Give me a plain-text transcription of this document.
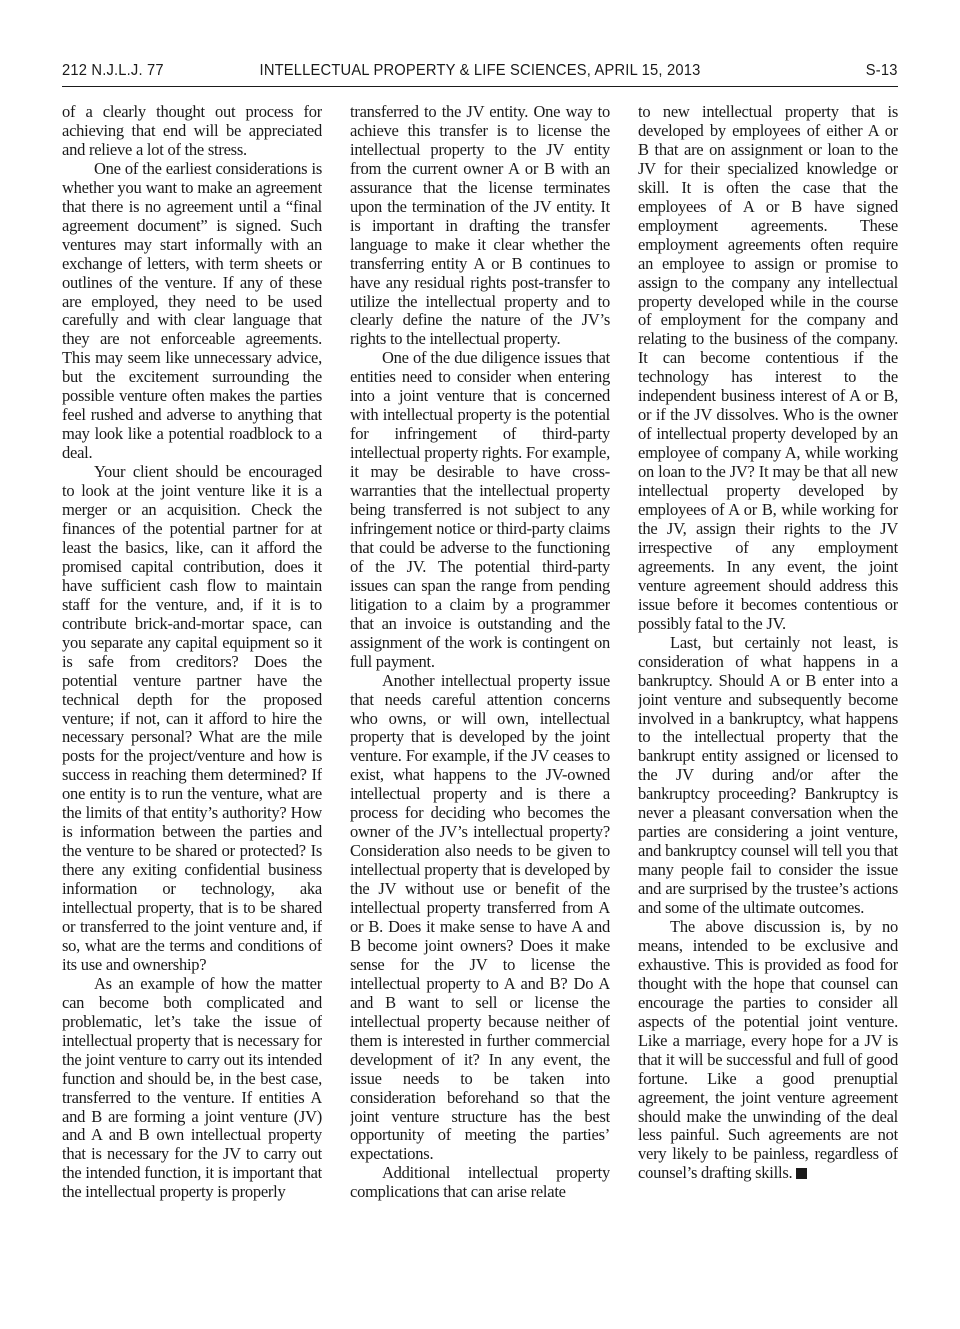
212 N.J.L.J. 77	INTELLECTUAL PROPERTY & LIFE SCIENCES, APRIL 15, 2013	S-13

of a clearly thought out process for achieving that end will be appreciated and relieve a lot of the stress.

One of the earliest considerations is whether you want to make an agreement that there is no agreement until a “final agreement document” is signed. Such ventures may start informally with an exchange of letters, with term sheets or outlines of the venture. If any of these are employed, they need to be used carefully and with clear language that they are not enforceable agreements. This may seem like unnecessary advice, but the excitement surrounding the possible venture often makes the parties feel rushed and adverse to anything that may look like a potential roadblock to a deal.

Your client should be encouraged to look at the joint venture like it is a merger or an acquisition. Check the finances of the potential partner for at least the basics, like, can it afford the promised capital contribution, does it have sufficient cash flow to maintain staff for the venture, and, if it is to contribute brick-and-mortar space, can you separate any capital equipment so it is safe from creditors? Does the potential venture partner have the technical depth for the proposed venture; if not, can it afford to hire the necessary personal? What are the mile posts for the project/venture and how is success in reaching them determined? If one entity is to run the venture, what are the limits of that entity’s authority? How is information between the parties and the venture to be shared or protected? Is there any exiting confidential business information or technology, aka intellectual property, that is to be shared or transferred to the joint venture and, if so, what are the terms and conditions of its use and ownership?

As an example of how the matter can become both complicated and problematic, let’s take the issue of intellectual property that is necessary for the joint venture to carry out its intended function and should be, in the best case, transferred to the venture. If entities A and B are forming a joint venture (JV) and A and B own intellectual property that is necessary for the JV to carry out the intended function, it is important that the intellectual property is properly

transferred to the JV entity. One way to achieve this transfer is to license the intellectual property to the JV entity from the current owner A or B with an assurance that the license terminates upon the termination of the JV entity. It is important in drafting the transfer language to make it clear whether the transferring entity A or B continues to have any residual rights post-transfer to utilize the intellectual property and to clearly define the nature of the JV’s rights to the intellectual property.

One of the due diligence issues that entities need to consider when entering into a joint venture that is concerned with intellectual property is the potential for infringement of third-party intellectual property rights. For example, it may be desirable to have cross-warranties that the intellectual property being transferred is not subject to any infringement notice or third-party claims that could be adverse to the functioning of the JV. The potential third-party issues can span the range from pending litigation to a claim by a programmer that an invoice is outstanding and the assignment of the work is contingent on full payment.

Another intellectual property issue that needs careful attention concerns who owns, or will own, intellectual property that is developed by the joint venture. For example, if the JV ceases to exist, what happens to the JV-owned intellectual property and is there a process for deciding who becomes the owner of the JV’s intellectual property? Consideration also needs to be given to intellectual property that is developed by the JV without use or benefit of the intellectual property transferred from A or B. Does it make sense to have A and B become joint owners? Does it make sense for the JV to license the intellectual property to A and B? Do A and B want to sell or license the intellectual property because neither of them is interested in further commercial development of it? In any event, the issue needs to be taken into consideration beforehand so that the joint venture structure has the best opportunity of meeting the parties’ expectations.

Additional intellectual property complications that can arise relate

to new intellectual property that is developed by employees of either A or B that are on assignment or loan to the JV for their specialized knowledge or skill. It is often the case that the employees of A or B have signed employment agreements. These employment agreements often require an employee to assign or promise to assign to the company any intellectual property developed while in the course of employment for the company and relating to the business of the company. It can become contentious if the technology has interest to the independent business interest of A or B, or if the JV dissolves. Who is the owner of intellectual property developed by an employee of company A, while working on loan to the JV? It may be that all new intellectual property developed by employees of A or B, while working for the JV, assign their rights to the JV irrespective of any employment agreements. In any event, the joint venture agreement should address this issue before it becomes contentious or possibly fatal to the JV.

Last, but certainly not least, is consideration of what happens in a bankruptcy. Should A or B enter into a joint venture and subsequently become involved in a bankruptcy, what happens to the intellectual property that the bankrupt entity assigned or licensed to the JV during and/or after the bankruptcy proceeding? Bankruptcy is never a pleasant conversation when the parties are considering a joint venture, and bankruptcy counsel will tell you that many people fail to consider the issue and are surprised by the trustee’s actions and some of the ultimate outcomes.

The above discussion is, by no means, intended to be exclusive and exhaustive. This is provided as food for thought with the hope that counsel can encourage the parties to consider all aspects of the potential joint venture. Like a marriage, every hope for a JV is that it will be successful and full of good fortune. Like a good prenuptial agreement, the joint venture agreement should make the unwinding of the deal less painful. Such agreements are not very likely to be painless, regardless of counsel’s drafting skills.
